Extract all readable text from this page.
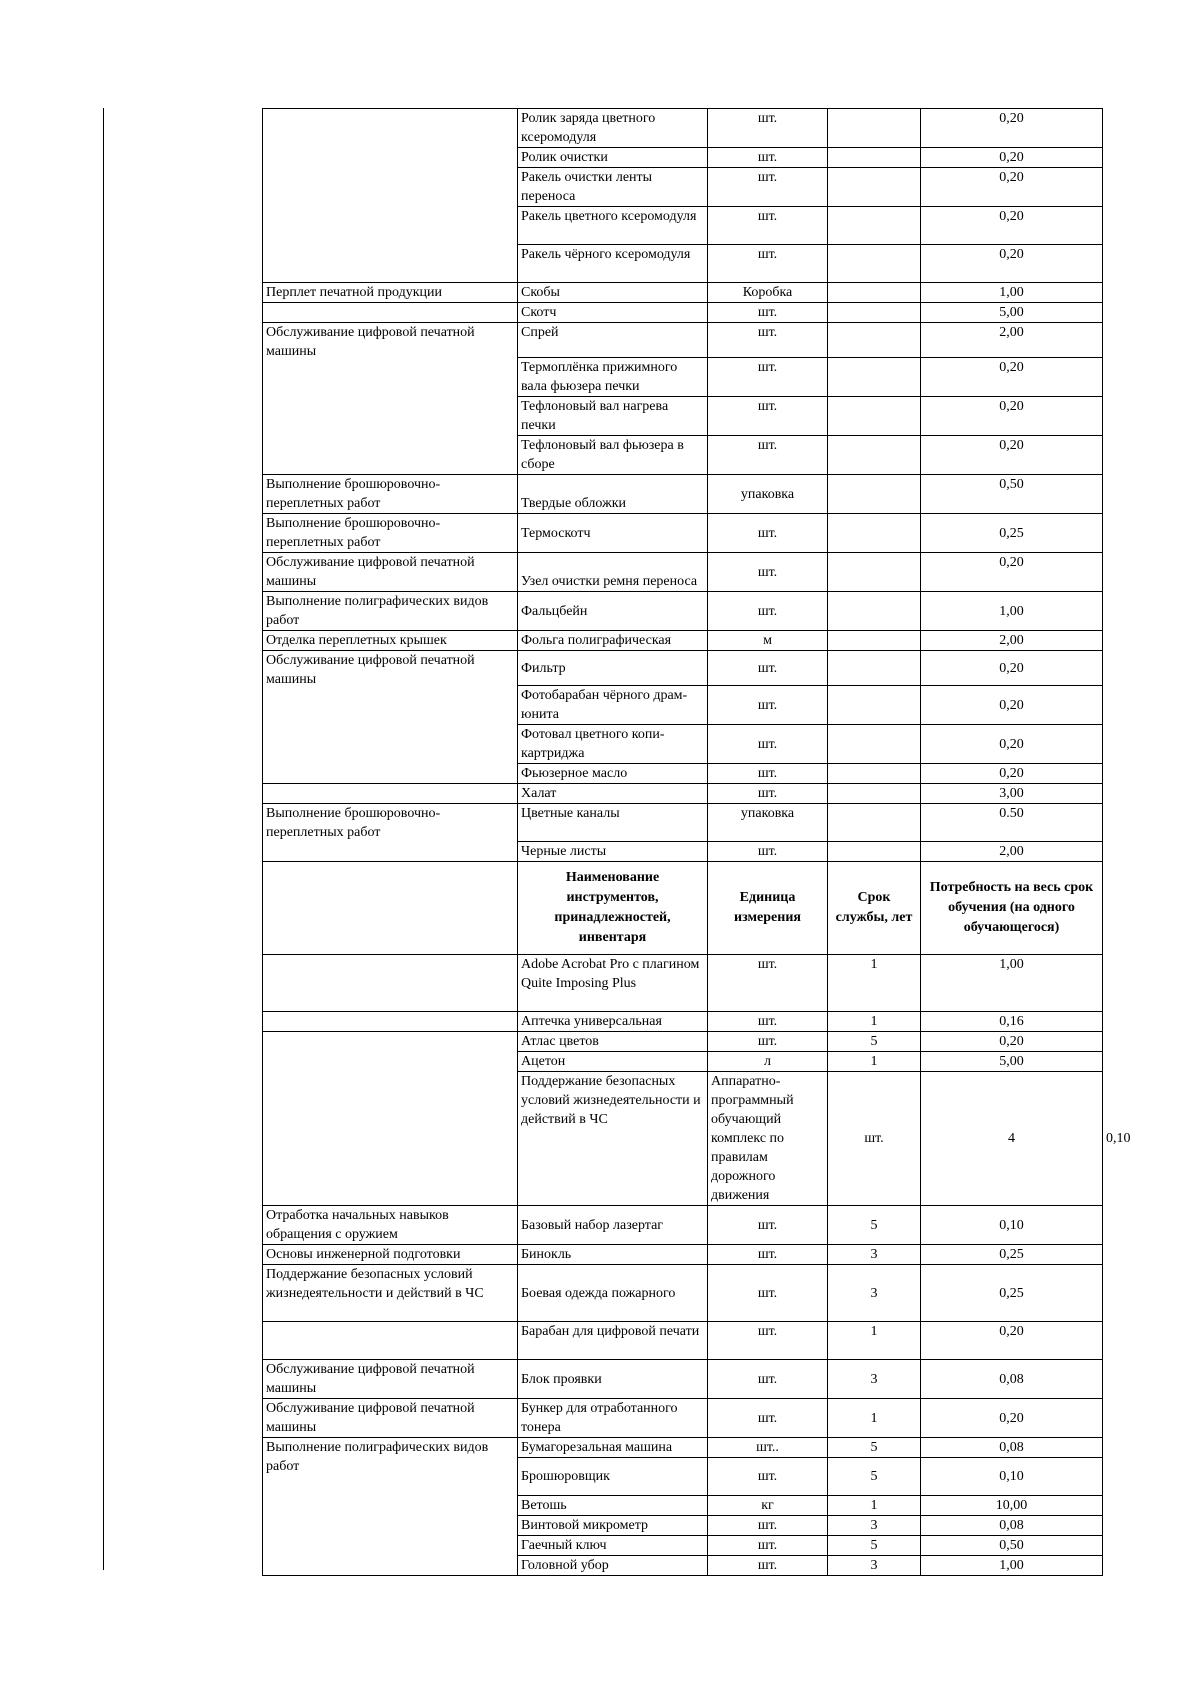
	Ролик заряда цветного ксеромодуля	шт.		0,20	
	Ролик очистки	шт.		0,20	
	Ракель очистки ленты переноса	шт.		0,20	
	Ракель цветного ксеромодуля	шт.		0,20	
	Ракель чёрного ксеромодуля	шт.		0,20	
Перплет печатной продукции	Скобы	Коробка		1,00	
	Скотч	шт.		5,00	
Обслуживание цифровой печатной машины	Спрей	шт.		2,00	
	Термоплёнка прижимного вала фьюзера печки	шт.		0,20	
	Тефлоновый вал нагрева печки	шт.		0,20	
	Тефлоновый вал фьюзера в сборе	шт.		0,20	
Выполнение брошюровочно-переплетных работ	Твердые обложки	упаковка		0,50	
Выполнение брошюровочно-переплетных работ	Термоскотч	шт.		0,25	
Обслуживание цифровой печатной машины	Узел очистки ремня переноса	шт.		0,20	
Выполнение полиграфических видов работ	Фальцбейн	шт.		1,00	
Отделка переплетных крышек	Фольга полиграфическая	м		2,00	
Обслуживание цифровой печатной машины	Фильтр	шт.		0,20	
	Фотобарабан чёрного драм-юнита	шт.		0,20	
	Фотовал цветного копи-картриджа	шт.		0,20	
	Фьюзерное масло	шт.		0,20	
	Халат	шт.		3,00	
Выполнение брошюровочно-переплетных работ	Цветные каналы	упаковка		0.50	
	Черные листы	шт.		2,00	
	Наименование инструментов, принадлежностей, инвентаря	Единица измерения	Срок службы, лет	Потребность на весь срок обучения (на одного обучающегося)	
	Adobe Acrobat Pro с плагином Quite Imposing Plus	шт.	1	1,00	
	Аптечка универсальная	шт.	1	0,16	
	Атлас цветов	шт.	5	0,20	
	Ацетон	л	1	5,00	
	Поддержание безопасных условий жизнедеятельности и действий в ЧС	Аппаратно-программный обучающий комплекс по правилам дорожного движения	шт.	4	0,10
Отработка начальных навыков обращения с оружием	Базовый набор лазертаг	шт.	5	0,10	
Основы инженерной подготовки	Бинокль	шт.	3	0,25	
Поддержание безопасных условий жизнедеятельности и действий в ЧС	Боевая одежда пожарного	шт.	3	0,25	
	Барабан для цифровой печати	шт.	1	0,20	
Обслуживание цифровой печатной машины	Блок проявки	шт.	3	0,08	
Обслуживание цифровой печатной машины	Бункер для отработанного тонера	шт.	1	0,20	
Выполнение полиграфических видов работ	Бумагорезальная машина	шт..	5	0,08	
	Брошюровщик	шт.	5	0,10	
	Ветошь	кг	1	10,00	
	Винтовой микрометр	шт.	3	0,08	
	Гаечный ключ	шт.	5	0,50	
	Головной убор	шт.	3	1,00	
